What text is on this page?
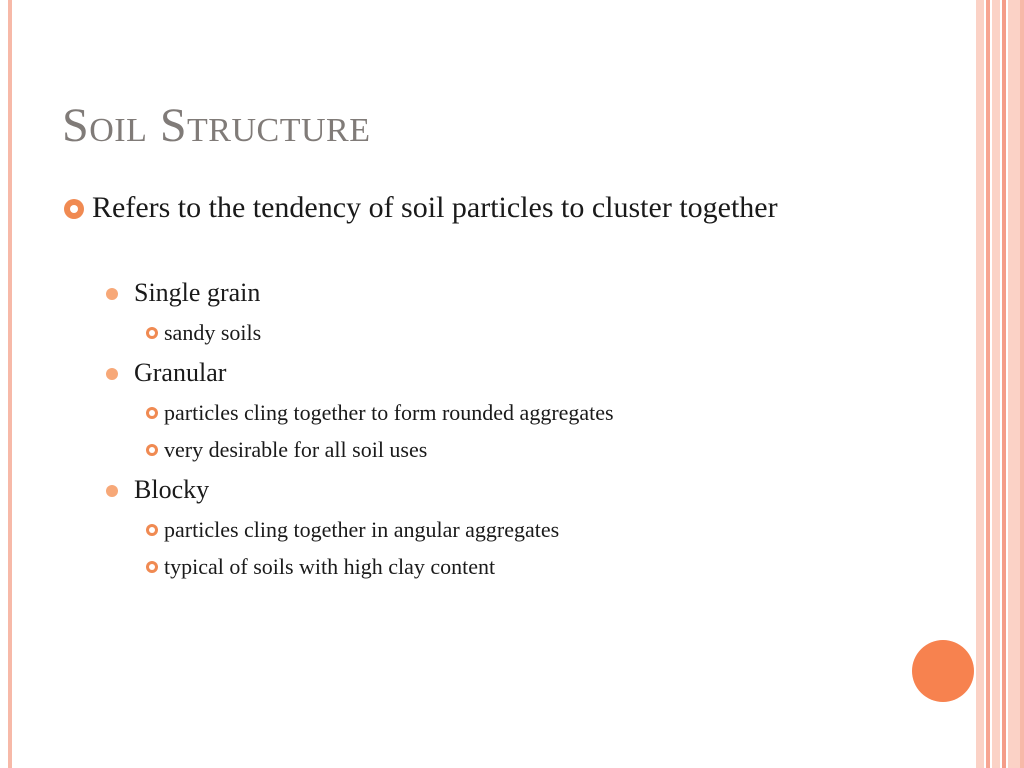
Soil Structure
Refers to the tendency of soil particles to cluster together
Single grain
sandy soils
Granular
particles cling together to form rounded aggregates
very desirable for all soil uses
Blocky
particles cling together in angular aggregates
typical of soils with high clay content
